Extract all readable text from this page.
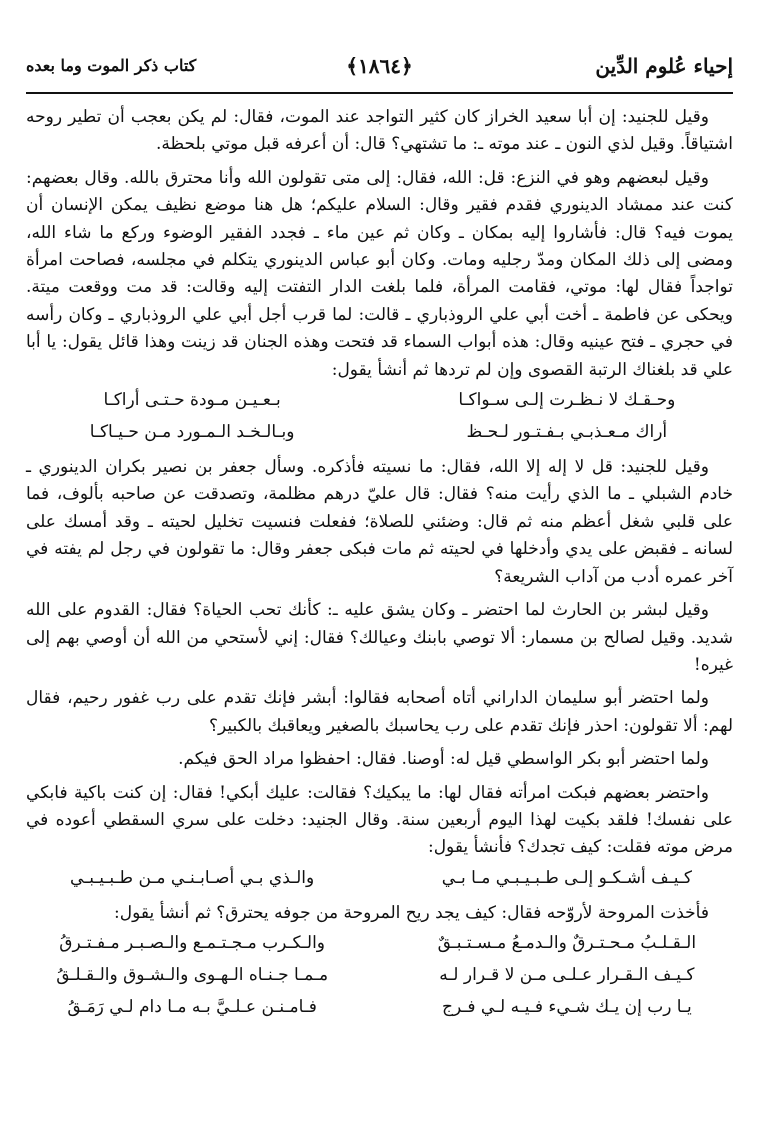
إحياء عُلوم الدِّين
﴿١٨٦٤﴾
كتاب ذكر الموت وما بعده

وقيل للجنيد: إن أبا سعيد الخراز كان كثير التواجد عند الموت، فقال: لم يكن بعجب أن تطير روحه اشتياقاً. وقيل لذي النون ـ عند موته ـ: ما تشتهي؟ قال: أن أعرفه قبل موتي بلحظة.

وقيل لبعضهم وهو في النزع: قل: الله، فقال: إلى متى تقولون الله وأنا محترق بالله. وقال بعضهم: كنت عند ممشاد الدينوري فقدم فقير وقال: السلام عليكم؛ هل هنا موضع نظيف يمكن الإنسان أن يموت فيه؟ قال: فأشاروا إليه بمكان ـ وكان ثم عين ماء ـ فجدد الفقير الوضوء وركع ما شاء الله، ومضى إلى ذلك المكان ومدّ رجليه ومات. وكان أبو عباس الدينوري يتكلم في مجلسه، فصاحت امرأة تواجداً فقال لها: موتي، فقامت المرأة، فلما بلغت الدار التفتت إليه وقالت: قد مت ووقعت ميتة. ويحكى عن فاطمة ـ أخت أبي علي الروذباري ـ قالت: لما قرب أجل أبي علي الروذباري ـ وكان رأسه في حجري ـ فتح عينيه وقال: هذه أبواب السماء قد فتحت وهذه الجنان قد زينت وهذا قائل يقول: يا أبا علي قد بلغناك الرتبة القصوى وإن لم تردها ثم أنشأ يقول:

وحـقـك لا نـظـرت إلـى سـواكـا
بـعـيـن مـودة حـتـى أراكـا
أراك مـعـذبـي بـفـتـور لـحـظ
وبـالـخـد الـمـورد مـن حـيـاكـا

وقيل للجنيد: قل لا إله إلا الله، فقال: ما نسيته فأذكره. وسأل جعفر بن نصير بكران الدينوري ـ خادم الشبلي ـ ما الذي رأيت منه؟ فقال: قال عليّ درهم مظلمة، وتصدقت عن صاحبه بألوف، فما على قلبي شغل أعظم منه ثم قال: وضئني للصلاة؛ ففعلت فنسيت تخليل لحيته ـ وقد أمسك على لسانه ـ فقبض على يدي وأدخلها في لحيته ثم مات فبكى جعفر وقال: ما تقولون في رجل لم يفته في آخر عمره أدب من آداب الشريعة؟

وقيل لبشر بن الحارث لما احتضر ـ وكان يشق عليه ـ: كأنك تحب الحياة؟ فقال: القدوم على الله شديد. وقيل لصالح بن مسمار: ألا توصي بابنك وعيالك؟ فقال: إني لأستحي من الله أن أوصي بهم إلى غيره!

ولما احتضر أبو سليمان الداراني أتاه أصحابه فقالوا: أبشر فإنك تقدم على رب غفور رحيم، فقال لهم: ألا تقولون: احذر فإنك تقدم على رب يحاسبك بالصغير ويعاقبك بالكبير؟

ولما احتضر أبو بكر الواسطي قيل له: أوصنا. فقال: احفظوا مراد الحق فيكم.

واحتضر بعضهم فبكت امرأته فقال لها: ما يبكيك؟ فقالت: عليك أبكي! فقال: إن كنت باكية فابكي على نفسك! فلقد بكيت لهذا اليوم أربعين سنة. وقال الجنيد: دخلت على سري السقطي أعوده في مرض موته فقلت: كيف تجدك؟ فأنشأ يقول:

كـيـف أشـكـو إلـى طـبـيـبـي مـا بـي
والـذي بـي أصـابـنـي مـن طـبـيـبـي

فأخذت المروحة لأروّحه فقال: كيف يجد ريح المروحة من جوفه يحترق؟ ثم أنشأ يقول:

الـقـلـبُ مـحـتـرقٌ والـدمـعُ مـسـتـبـقٌ
والـكـرب مـجـتـمـع والـصـبـر مـفـتـرقُ
كـيـف الـقـرار عـلـى مـن لا قـرار لـه
مـمـا جـنـاه الـهـوى والـشـوق والـقـلـقُ
يـا رب إن يـك شـيء فـيـه لـي فـرج
فـامـنـن عـلـيَّ بـه مـا دام لـي رَمَـقُ
